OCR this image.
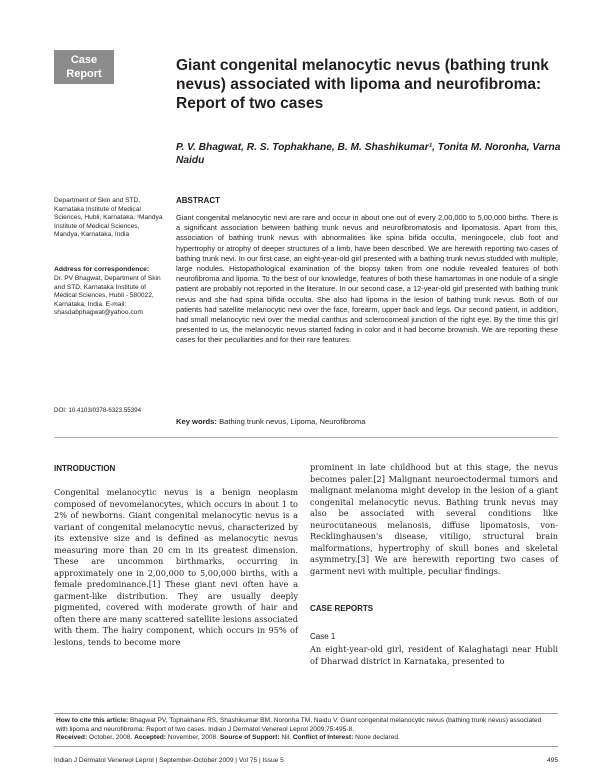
Case
Report	Giant congenital melanocytic nevus (bathing trunk nevus) associated with lipoma and neurofibroma: Report of two cases
P. V. Bhagwat, R. S. Tophakhane, B. M. Shashikumar¹, Tonita M. Noronha, Varna Naidu
Department of Skin and STD, Karnataka Institute of Medical Sciences, Hubli, Karnataka, ¹Mandya Institute of Medical Sciences, Mandya, Karnataka, India
Address for correspondence:
Dr. PV Bhagwat, Department of Skin and STD, Karnataka Institute of Medical Sciences, Hubli - 580022, Karnataka, India. E-mail: shasdabphagwat@yahoo.com
DOI: 10.4103/0378-6323.55394
ABSTRACT
Giant congenital melanocytic nevi are rare and occur in about one out of every 2,00,000 to 5,00,000 births. There is a significant association between bathing trunk nevus and neurofibromatosis and lipomatosis. Apart from this, association of bathing trunk nevus with abnormalities like spina bifida occulta, meningocele, club foot and hypertrophy or atrophy of deeper structures of a limb, have been described. We are herewith reporting two cases of bathing trunk nevi. In our first case, an eight-year-old girl presented with a bathing trunk nevus studded with multiple, large nodules. Histopathological examination of the biopsy taken from one nodule revealed features of both neurofibroma and lipoma. To the best of our knowledge, features of both these hamartomas in one nodule of a single patient are probably not reported in the literature. In our second case, a 12-year-old girl presented with bathing trunk nevus and she had spina bifida occulta. She also had lipoma in the lesion of bathing trunk nevus. Both of our patients had satellite melanocytic nevi over the face, forearm, upper back and legs. Our second patient, in addition, had small melanocytic nevi over the medial canthus and sclerocorneal junction of the right eye. By the time this girl presented to us, the melanocytic nevus started fading in color and it had become brownish. We are reporting these cases for their peculiarities and for their rare features.
Key words: Bathing trunk nevus, Lipoma, Neurofibroma
INTRODUCTION
Congenital melanocytic nevus is a benign neoplasm composed of nevomelanocytes, which occurs in about 1 to 2% of newborns. Giant congenital melanocytic nevus is a variant of congenital melanocytic nevus, characterized by its extensive size and is defined as melanocytic nevus measuring more than 20 cm in its greatest dimension. These are uncommon birthmarks, occurring in approximately one in 2,00,000 to 5,00,000 births, with a female predominance.[1] These giant nevi often have a garment-like distribution. They are usually deeply pigmented, covered with moderate growth of hair and often there are many scattered satellite lesions associated with them. The hairy component, which occurs in 95% of lesions, tends to become more
prominent in late childhood but at this stage, the nevus becomes paler.[2] Malignant neuroectodermal tumors and malignant melanoma might develop in the lesion of a giant congenital melanocytic nevus. Bathing trunk nevus may also be associated with several conditions like neurocutaneous melanosis, diffuse lipomatosis, von-Recklinghausen's disease, vitiligo, structural brain malformations, hypertrophy of skull bones and skeletal asymmetry.[3] We are herewith reporting two cases of garment nevi with multiple, peculiar findings.
CASE REPORTS
Case 1
An eight-year-old girl, resident of Kalaghatagi near Hubli of Dharwad district in Karnataka, presented to
How to cite this article: Bhagwat PV, Tophakhane RS, Shashikumar BM, Noronha TM, Naidu V. Giant congenital melanocytic nevus (bathing trunk nevus) associated with lipoma and neurofibroma: Report of two cases. Indian J Dermatol Venereol Leprol 2009;75:495-8.
Received: October, 2008. Accepted: November, 2008. Source of Support: Nil. Conflict of Interest: None declared.
Indian J Dermatol Venereol Leprol | September-October 2009 | Vol 75 | Issue 5	495
